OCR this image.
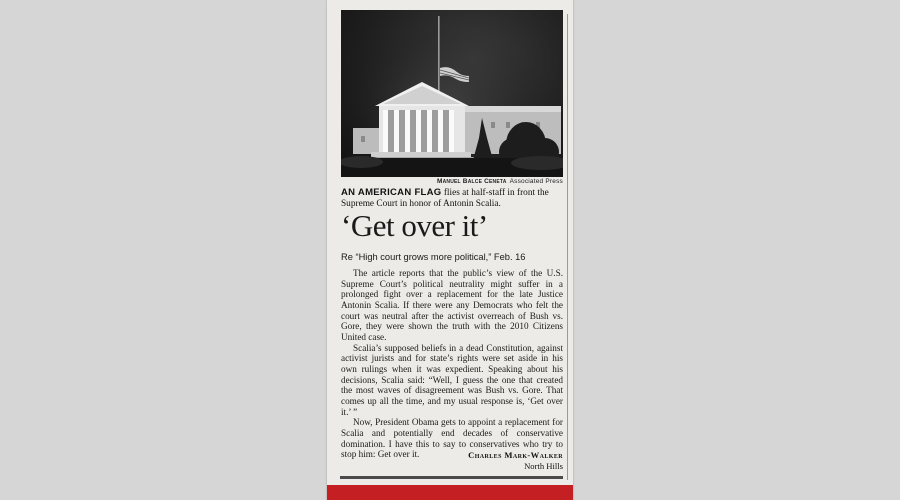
Manuel Balce Ceneta Associated Press
AN AMERICAN FLAG flies at half-staff in front the Supreme Court in honor of Antonin Scalia.
‘Get over it’
Re “High court grows more political,” Feb. 16

The article reports that the public’s view of the U.S. Supreme Court’s political neutrality might suffer in a prolonged fight over a replacement for the late Justice Antonin Scalia. If there were any Democrats who felt the court was neutral after the activist overreach of Bush vs. Gore, they were shown the truth with the 2010 Citizens United case.

Scalia’s supposed beliefs in a dead Constitution, against activist jurists and for state’s rights were set aside in his own rulings when it was expedient. Speaking about his decisions, Scalia said: “Well, I guess the one that created the most waves of disagreement was Bush vs. Gore. That comes up all the time, and my usual response is, ‘Get over it.’ ”

Now, President Obama gets to appoint a replacement for Scalia and potentially end decades of conservative domination. I have this to say to conservatives who try to stop him: Get over it.	Charles Mark-Walker
North Hills
